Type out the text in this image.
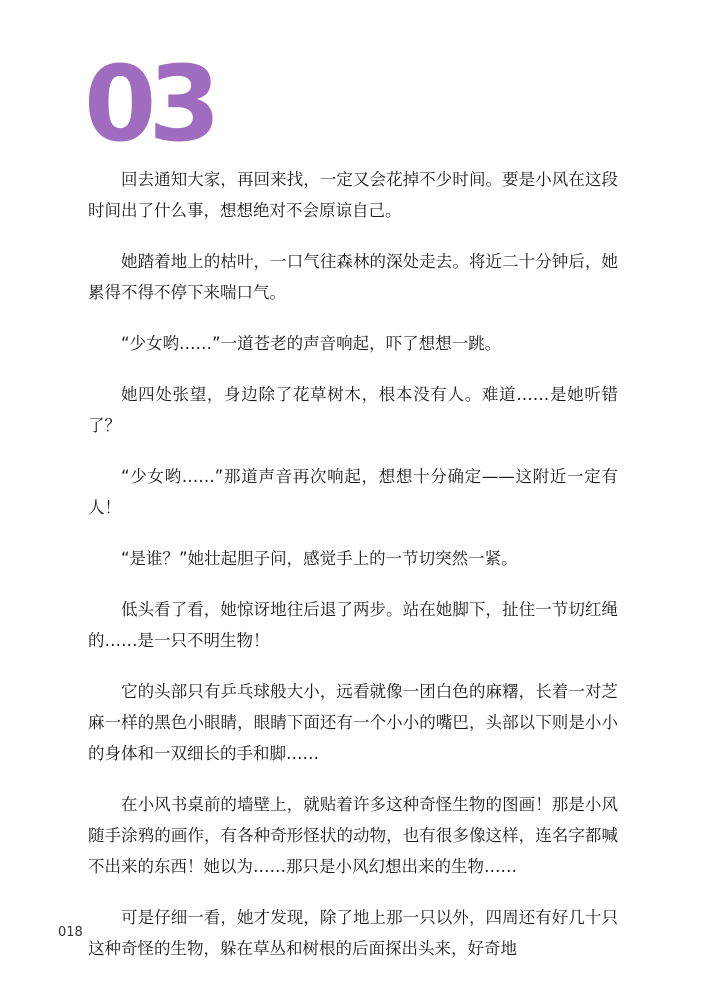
03

回去通知大家，再回来找，一定又会花掉不少时间。要是小风在这段时间出了什么事，想想绝对不会原谅自己。

她踏着地上的枯叶，一口气往森林的深处走去。将近二十分钟后，她累得不得不停下来喘口气。

“少女哟……”一道苍老的声音响起，吓了想想一跳。

她四处张望，身边除了花草树木，根本没有人。难道……是她听错了？

“少女哟……”那道声音再次响起，想想十分确定——这附近一定有人！

“是谁？”她壮起胆子问，感觉手上的一节切突然一紧。

低头看了看，她惊讶地往后退了两步。站在她脚下，扯住一节切红绳的……是一只不明生物！

它的头部只有乒乓球般大小，远看就像一团白色的麻糬，长着一对芝麻一样的黑色小眼睛，眼睛下面还有一个小小的嘴巴，头部以下则是小小的身体和一双细长的手和脚……

在小风书桌前的墙壁上，就贴着许多这种奇怪生物的图画！那是小风随手涂鸦的画作，有各种奇形怪状的动物，也有很多像这样，连名字都喊不出来的东西！她以为……那只是小风幻想出来的生物……

可是仔细一看，她才发现，除了地上那一只以外，四周还有好几十只这种奇怪的生物，躲在草丛和树根的后面探出头来，好奇地

018
